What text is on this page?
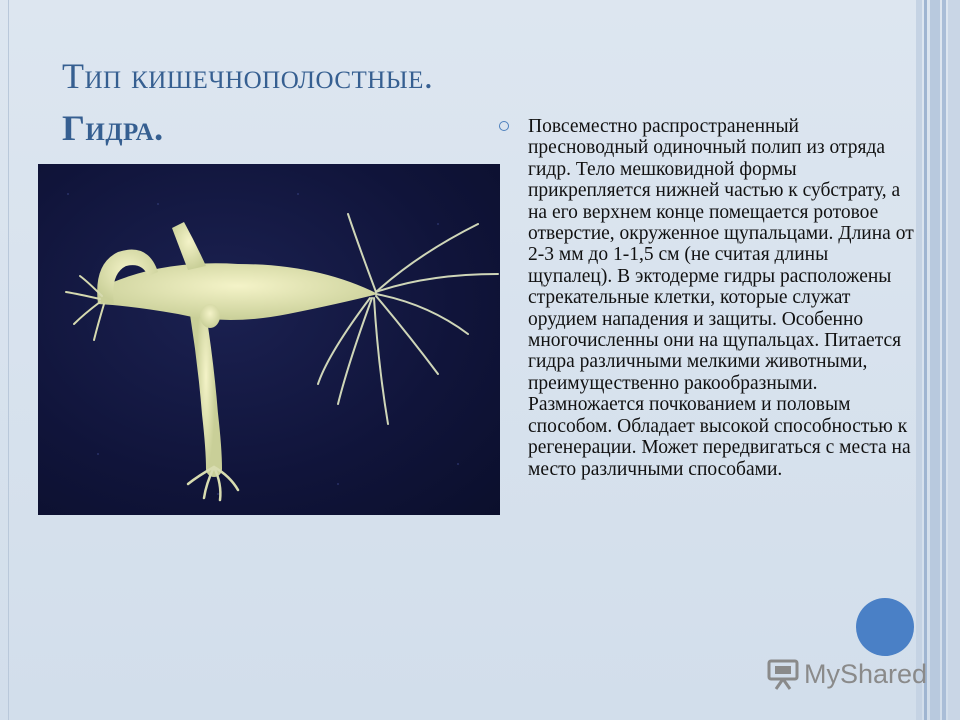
Тип кишечнополостные.
Гидра.	Повсеместно распространенный пресноводный одиночный полип из отряда гидр. Тело мешковидной формы прикрепляется нижней частью к субстрату, а на его верхнем конце помещается ротовое отверстие, окруженное щупальцами. Длина от 2-3 мм до 1-1,5 см (не считая длины щупалец). В эктодерме гидры расположены стрекательные клетки, которые служат орудием нападения и защиты. Особенно многочисленны они на щупальцах. Питается гидра различными мелкими животными, преимущественно ракообразными. Размножается почкованием и половым способом. Обладает высокой способностью к регенерации. Может передвигаться с места на место различными способами.
MyShared
